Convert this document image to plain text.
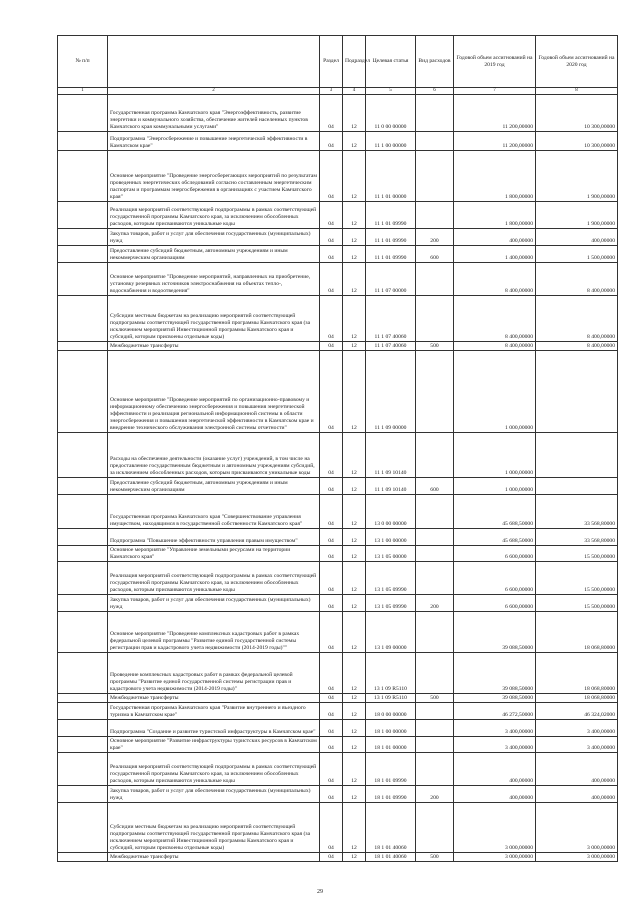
№ п/п		Раздел	Подраздел	Целевая статья	Вид расходов	Годовой объем ассигнований на 2019 год	Годовой объем ассигнований на 2020 год
1	2	3	4	5	6	7	8
	Государственная программа Камчатского края "Энергоэффективность, развитие энергетики и коммунального хозяйства, обеспечение жителей населенных пунктов Камчатского края коммунальными услугами"	04	12	11 0 00 00000		11 200,00000	10 300,00000
	Подпрограмма "Энергосбережение и повышение энергетической эффективности в Камчатском крае"	04	12	11 1 00 00000		11 200,00000	10 300,00000
	Основное мероприятие "Проведение энергосберегающих мероприятий по результатам проведенных энергетических обследований согласно составленным энергетическим паспортам и программам энергосбережения в организациях с участием Камчатского края"	04	12	11 1 01 00000		1 800,00000	1 900,00000
	Реализация мероприятий соответствующей подпрограммы в рамках соответствующей государственной программы Камчатского края, за исключением обособленных расходов, которым присваиваются уникальные коды	04	12	11 1 01 09990		1 800,00000	1 900,00000
	Закупка товаров, работ и услуг для обеспечения государственных (муниципальных) нужд	04	12	11 1 01 09990	200	400,00000	400,00000
	Предоставление субсидий бюджетным, автономным учреждениям и иным некоммерческим организациям	04	12	11 1 01 09990	600	1 400,00000	1 500,00000
	Основное мероприятие "Проведение мероприятий, направленных на приобретение, установку резервных источников электроснабжения на объектах тепло-, водоснабжения и водоотведения"	04	12	11 1 07 00000		8 400,00000	8 400,00000
	Субсидии местным бюджетам на реализацию мероприятий соответствующей подпрограммы соответствующей государственной программы Камчатского края (за исключением мероприятий Инвестиционной программы Камчатского края и субсидий, которым присвоены отдельные коды)	04	12	11 1 07 40060		8 400,00000	8 400,00000
	Межбюджетные трансферты	04	12	11 1 07 40060	500	8 400,00000	8 400,00000
	Основное мероприятие "Проведение мероприятий по организационно-правовому и информационному обеспечению энергосбережения и повышения энергетической эффективности и реализация региональной информационной системы в области энергосбережения и повышения энергетической эффективности в Камчатском крае и внедрение технического обслуживания электронной системы отчетности"	04	12	11 1 09 00000		1 000,00000	
	Расходы на обеспечение деятельности (оказание услуг) учреждений, в том числе на предоставление государственным бюджетным и автономным учреждениям субсидий, за исключением обособленных расходов, которым присваиваются уникальные коды	04	12	11 1 09 10140		1 000,00000	
	Предоставление субсидий бюджетным, автономным учреждениям и иным некоммерческим организациям	04	12	11 1 09 10140	600	1 000,00000	
	Государственная программа Камчатского края "Совершенствование управления имуществом, находящимся в государственной собственности Камчатского края"	04	12	13 0 00 00000		45 688,50000	33 568,80000
	Подпрограмма "Повышение эффективности управления правым имуществом"	04	12	13 1 00 00000		45 688,50000	33 568,80000
	Основное мероприятие "Управление земельными ресурсами на территории Камчатского края"	04	12	13 1 05 00000		6 600,00000	15 500,00000
	Реализация мероприятий соответствующей подпрограммы в рамках соответствующей государственной программы Камчатского края, за исключением обособленных расходов, которым присваиваются уникальные коды	04	12	13 1 05 09990		6 600,00000	15 500,00000
	Закупка товаров, работ и услуг для обеспечения государственных (муниципальных) нужд	04	12	13 1 05 09990	200	6 600,00000	15 500,00000
	Основное мероприятие "Проведение комплексных кадастровых работ в рамках федеральной целевой программы "Развитие единой государственной системы регистрации прав и кадастрового учета недвижимости (2014-2019 годы)""	04	12	13 1 09 00000		39 088,50000	18 068,80000
	Проведение комплексных кадастровых работ в рамках федеральной целевой программы "Развитие единой государственной системы регистрации прав и кадастрового учета недвижимости (2014-2019 годы)"	04	12	13 1 09 R5110		39 088,50000	18 068,80000
	Межбюджетные трансферты	04	12	13 1 09 R5110	500	39 088,50000	18 068,80000
	Государственная программа Камчатского края "Развитие внутреннего и въездного туризма в Камчатском крае"	04	12	18 0 00 00000		46 272,50000	46 324,02000
	Подпрограмма "Создание и развитие туристской инфраструктуры в Камчатском крае"	04	12	18 1 00 00000		3 400,00000	3 400,00000
	Основное мероприятие "Развитие инфраструктуры туристских ресурсов в Камчатском крае"	04	12	18 1 01 00000		3 400,00000	3 400,00000
	Реализация мероприятий соответствующей подпрограммы в рамках соответствующей государственной программы Камчатского края, за исключением обособленных расходов, которым присваиваются уникальные коды	04	12	18 1 01 09990		400,00000	400,00000
	Закупка товаров, работ и услуг для обеспечения государственных (муниципальных) нужд	04	12	18 1 01 09990	200	400,00000	400,00000
	Субсидии местным бюджетам на реализацию мероприятий соответствующей подпрограммы соответствующей государственной программы Камчатского края (за исключением мероприятий Инвестиционной программы Камчатского края и субсидий, которым присвоены отдельные коды)	04	12	18 1 01 40060		3 000,00000	3 000,00000
	Межбюджетные трансферты	04	12	18 1 01 40060	500	3 000,00000	3 000,00000
29
